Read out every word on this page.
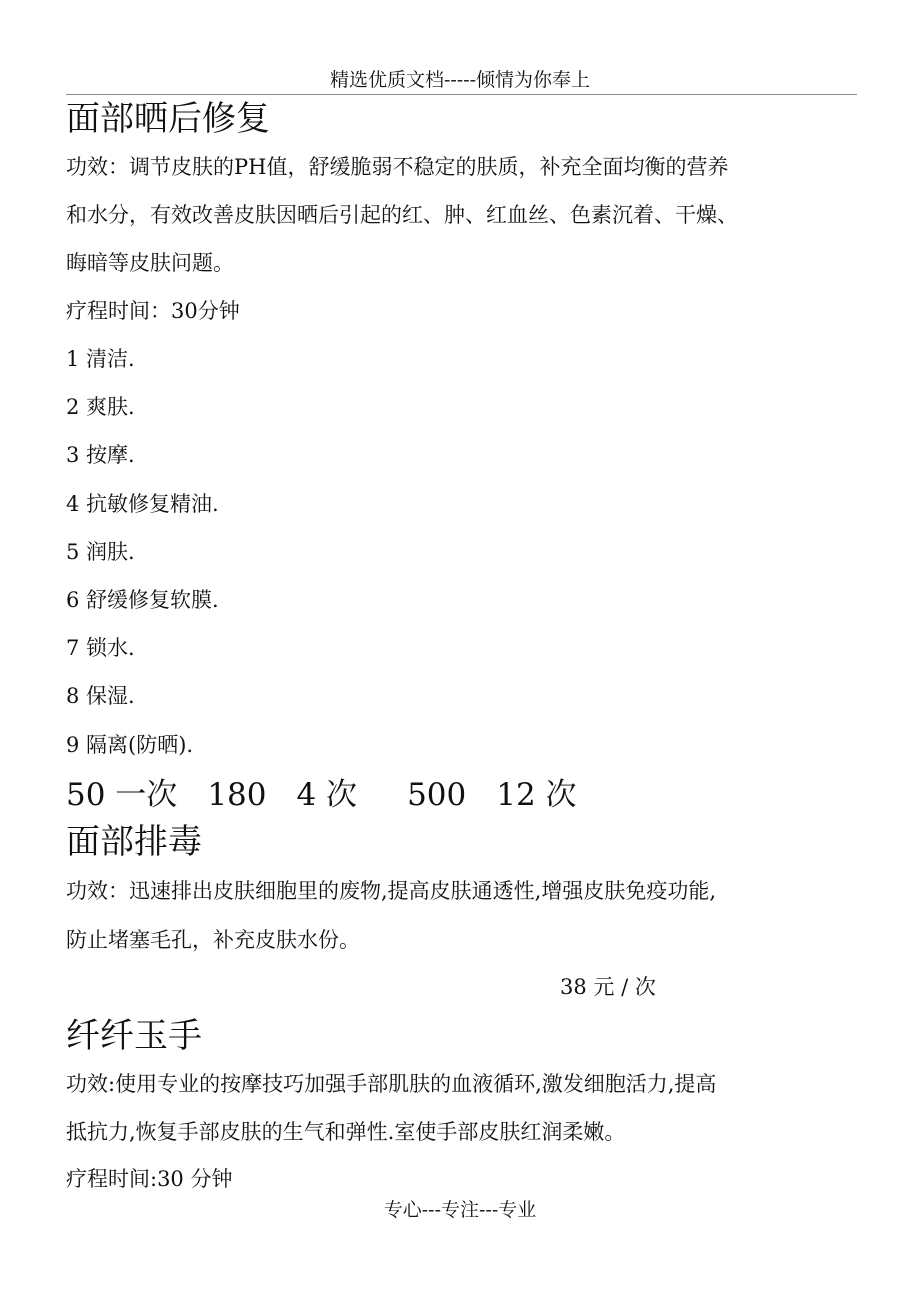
精选优质文档-----倾情为你奉上
面部晒后修复
功效：调节皮肤的PH值，舒缓脆弱不稳定的肤质，补充全面均衡的营养
和水分，有效改善皮肤因晒后引起的红、肿、红血丝、色素沉着、干燥、
晦暗等皮肤问题。
疗程时间：30分钟
1 清洁.
2 爽肤.
3 按摩.
4 抗敏修复精油.
5 润肤.
6 舒缓修复软膜.
7 锁水.
8 保湿.
9 隔离(防晒).
50 一次 180 4 次 500 12 次
面部排毒
功效：迅速排出皮肤细胞里的废物,提高皮肤通透性,增强皮肤免疫功能,
防止堵塞毛孔，补充皮肤水份。
38 元 / 次
纤纤玉手
功效:使用专业的按摩技巧加强手部肌肤的血液循环,激发细胞活力,提高
抵抗力,恢复手部皮肤的生气和弹性.室使手部皮肤红润柔嫩。
疗程时间:30 分钟
专心---专注---专业
